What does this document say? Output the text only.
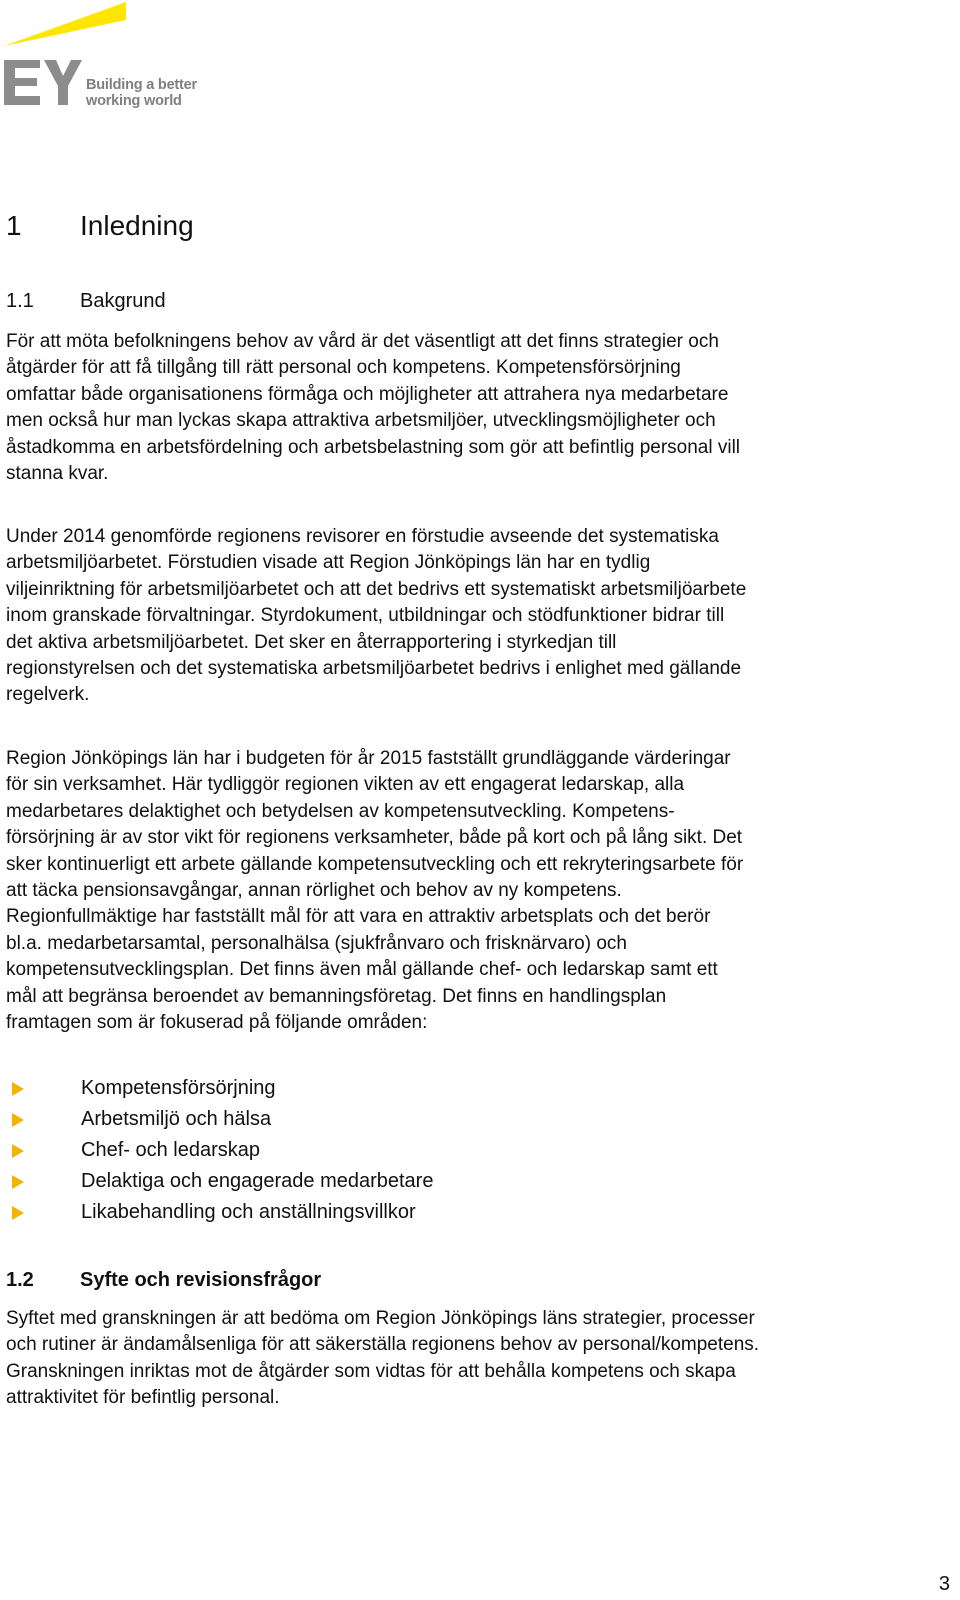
Building a better
working world
1 Inledning
1.1 Bakgrund

För att möta befolkningens behov av vård är det väsentligt att det finns strategier och
åtgärder för att få tillgång till rätt personal och kompetens. Kompetensförsörjning
omfattar både organisationens förmåga och möjligheter att attrahera nya medarbetare
men också hur man lyckas skapa attraktiva arbetsmiljöer, utvecklingsmöjligheter och
åstadkomma en arbetsfördelning och arbetsbelastning som gör att befintlig personal vill
stanna kvar.

Under 2014 genomförde regionens revisorer en förstudie avseende det systematiska
arbetsmiljöarbetet. Förstudien visade att Region Jönköpings län har en tydlig
viljeinriktning för arbetsmiljöarbetet och att det bedrivs ett systematiskt arbetsmiljöarbete
inom granskade förvaltningar. Styrdokument, utbildningar och stödfunktioner bidrar till
det aktiva arbetsmiljöarbetet. Det sker en återrapportering i styrkedjan till
regionstyrelsen och det systematiska arbetsmiljöarbetet bedrivs i enlighet med gällande
regelverk.

Region Jönköpings län har i budgeten för år 2015 fastställt grundläggande värderingar
för sin verksamhet. Här tydliggör regionen vikten av ett engagerat ledarskap, alla
medarbetares delaktighet och betydelsen av kompetensutveckling. Kompetens-
försörjning är av stor vikt för regionens verksamheter, både på kort och på lång sikt. Det
sker kontinuerligt ett arbete gällande kompetensutveckling och ett rekryteringsarbete för
att täcka pensionsavgångar, annan rörlighet och behov av ny kompetens.
Regionfullmäktige har fastställt mål för att vara en attraktiv arbetsplats och det berör
bl.a. medarbetarsamtal, personalhälsa (sjukfrånvaro och frisknärvaro) och
kompetensutvecklingsplan. Det finns även mål gällande chef- och ledarskap samt ett
mål att begränsa beroendet av bemanningsföretag. Det finns en handlingsplan
framtagen som är fokuserad på följande områden:

Kompetensförsörjning
Arbetsmiljö och hälsa
Chef- och ledarskap
Delaktiga och engagerade medarbetare
Likabehandling och anställningsvillkor
1.2 Syfte och revisionsfrågor

Syftet med granskningen är att bedöma om Region Jönköpings läns strategier, processer
och rutiner är ändamålsenliga för att säkerställa regionens behov av personal/kompetens.
Granskningen inriktas mot de åtgärder som vidtas för att behålla kompetens och skapa
attraktivitet för befintlig personal.

3
